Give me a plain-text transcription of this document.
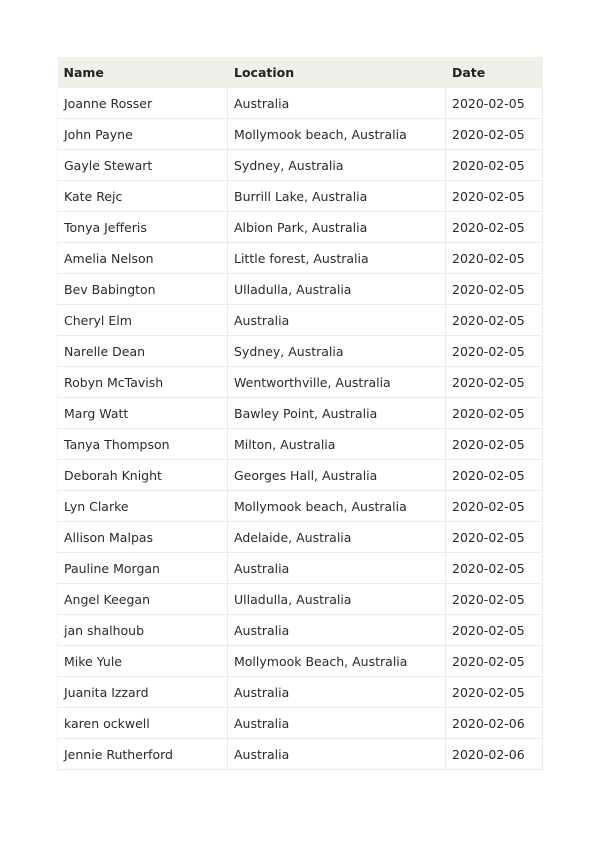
Name	Location	Date
Joanne Rosser	Australia	2020-02-05
John Payne	Mollymook beach, Australia	2020-02-05
Gayle Stewart	Sydney, Australia	2020-02-05
Kate Rejc	Burrill Lake, Australia	2020-02-05
Tonya Jefferis	Albion Park, Australia	2020-02-05
Amelia Nelson	Little forest, Australia	2020-02-05
Bev Babington	Ulladulla, Australia	2020-02-05
Cheryl Elm	Australia	2020-02-05
Narelle Dean	Sydney, Australia	2020-02-05
Robyn McTavish	Wentworthville, Australia	2020-02-05
Marg Watt	Bawley Point, Australia	2020-02-05
Tanya Thompson	Milton, Australia	2020-02-05
Deborah Knight	Georges Hall, Australia	2020-02-05
Lyn Clarke	Mollymook beach, Australia	2020-02-05
Allison Malpas	Adelaide, Australia	2020-02-05
Pauline Morgan	Australia	2020-02-05
Angel Keegan	Ulladulla, Australia	2020-02-05
jan shalhoub	Australia	2020-02-05
Mike Yule	Mollymook Beach, Australia	2020-02-05
Juanita Izzard	Australia	2020-02-05
karen ockwell	Australia	2020-02-06
Jennie Rutherford	Australia	2020-02-06
